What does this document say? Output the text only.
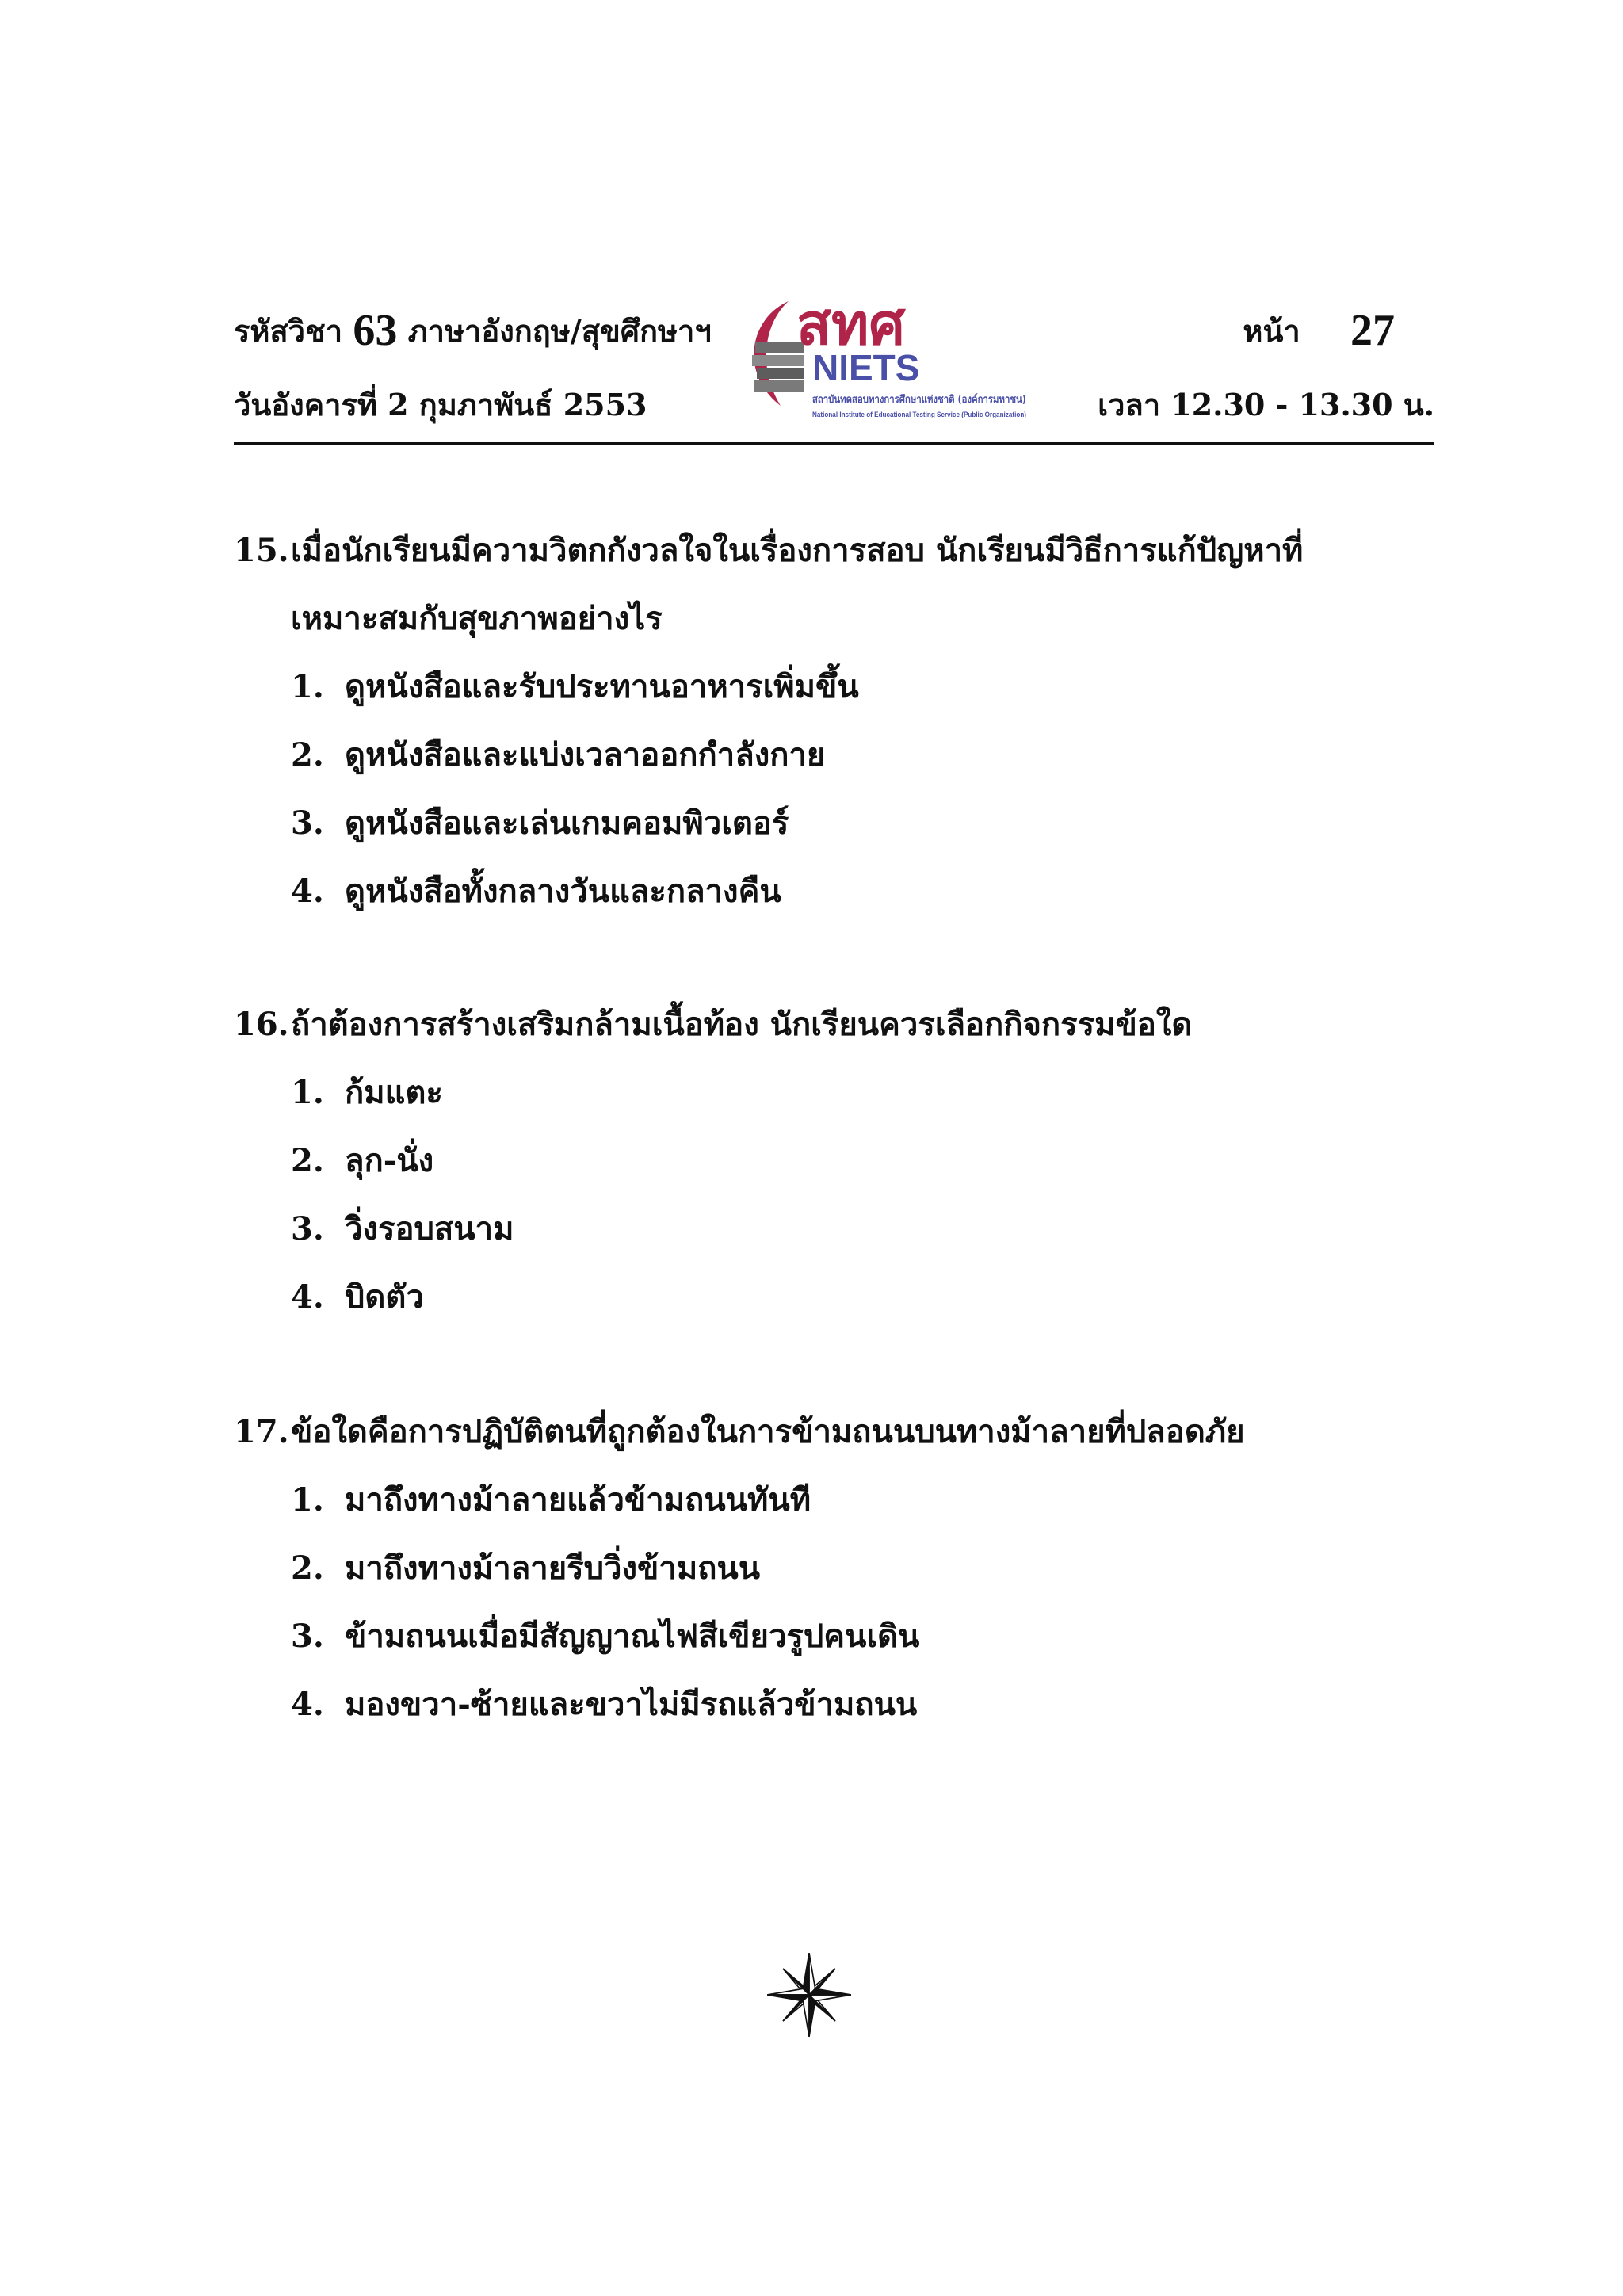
รหัสวิชา 63 ภาษาอังกฤษ/สุขศึกษาฯ	หน้า 27
วันอังคารที่ 2 กุมภาพันธ์ 2553	เวลา 12.30 - 13.30 น.
สทศ
NIETS
สถาบันทดสอบทางการศึกษาแห่งชาติ (องค์การมหาชน)
National Institute of Educational Testing Service (Public Organization)
15. เมื่อนักเรียนมีความวิตกกังวลใจในเรื่องการสอบ นักเรียนมีวิธีการแก้ปัญหาที่
เหมาะสมกับสุขภาพอย่างไร
1. ดูหนังสือและรับประทานอาหารเพิ่มขึ้น
2. ดูหนังสือและแบ่งเวลาออกกำลังกาย
3. ดูหนังสือและเล่นเกมคอมพิวเตอร์
4. ดูหนังสือทั้งกลางวันและกลางคืน
16. ถ้าต้องการสร้างเสริมกล้ามเนื้อท้อง นักเรียนควรเลือกกิจกรรมข้อใด
1. ก้มแตะ
2. ลุก-นั่ง
3. วิ่งรอบสนาม
4. บิดตัว
17. ข้อใดคือการปฏิบัติตนที่ถูกต้องในการข้ามถนนบนทางม้าลายที่ปลอดภัย
1. มาถึงทางม้าลายแล้วข้ามถนนทันที
2. มาถึงทางม้าลายรีบวิ่งข้ามถนน
3. ข้ามถนนเมื่อมีสัญญาณไฟสีเขียวรูปคนเดิน
4. มองขวา-ซ้ายและขวาไม่มีรถแล้วข้ามถนน
